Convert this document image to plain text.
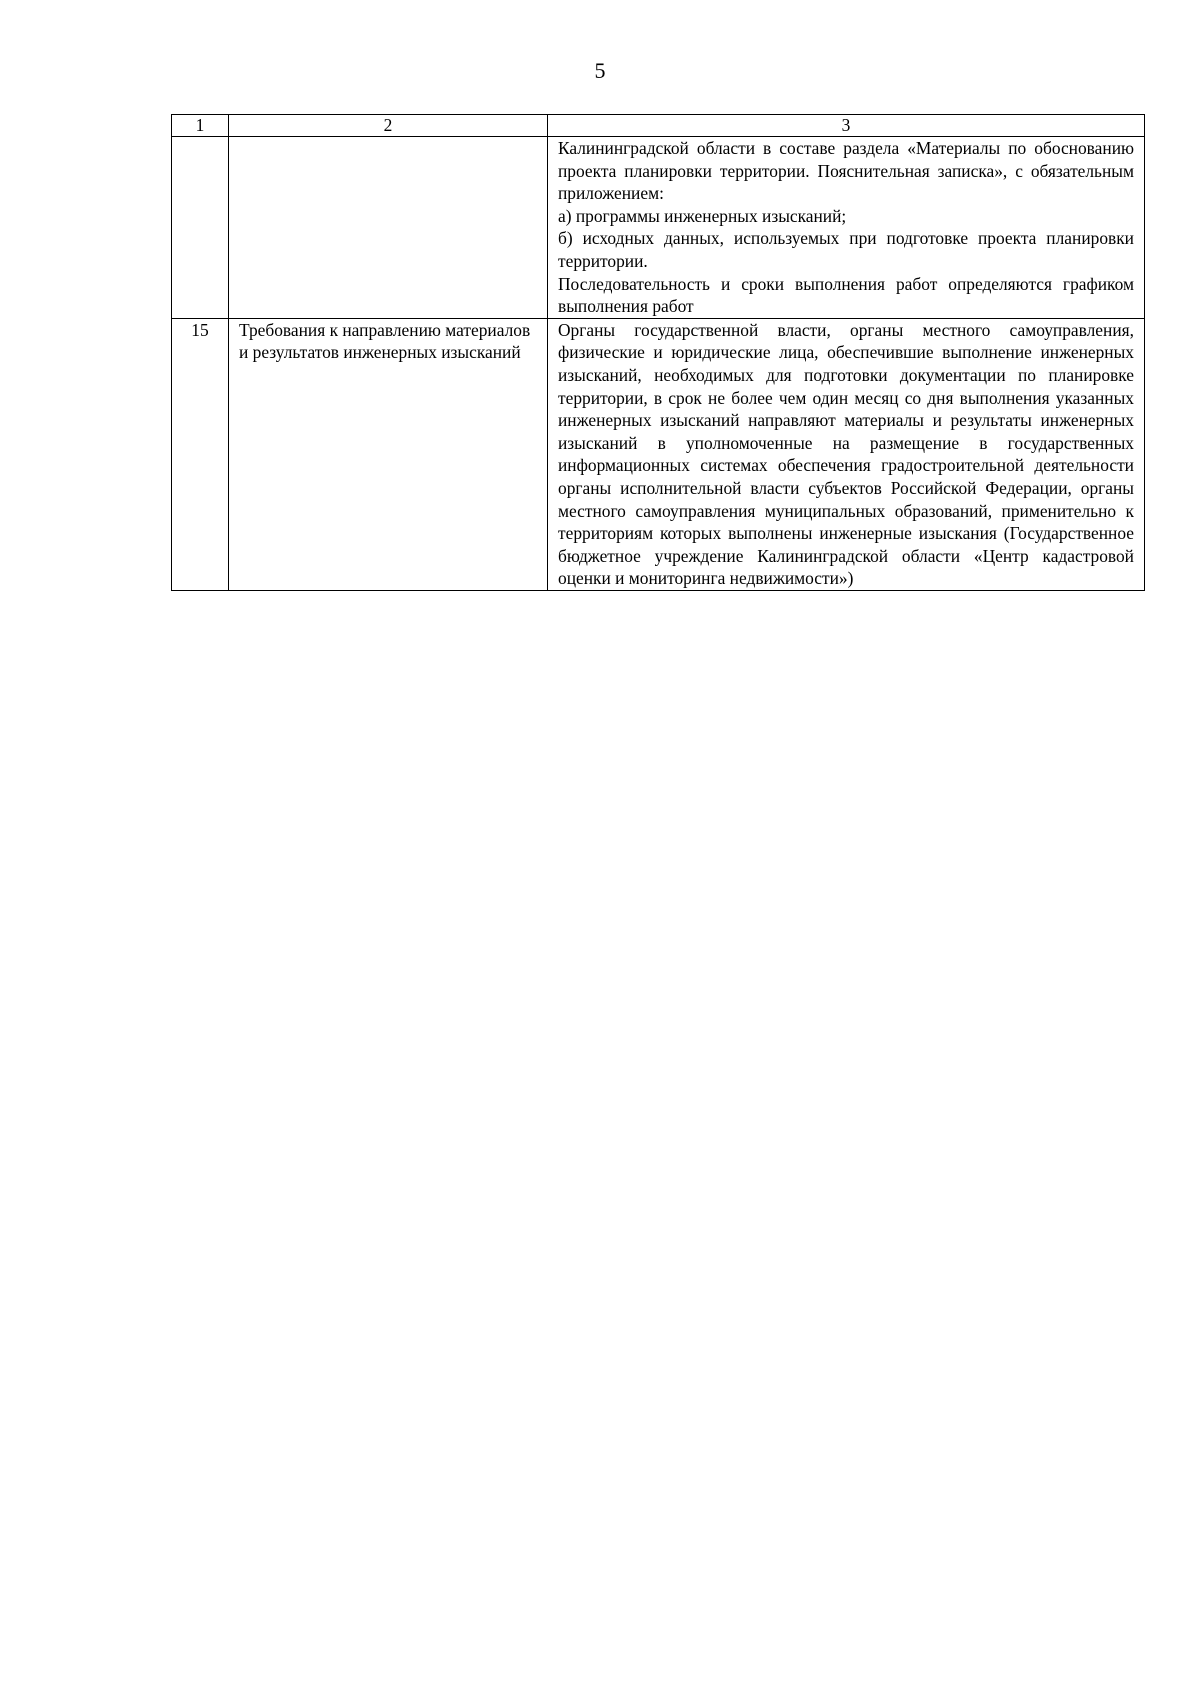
5
1	2	3

		Калининградской области в составе раздела «Материалы по обоснованию проекта планировки территории. Пояснительная записка», с обязательным приложением:
а) программы инженерных изысканий;
б) исходных данных, используемых при подготовке проекта планировки территории.
Последовательность и сроки выполнения работ определяются графиком выполнения работ

15	Требования к направлению материалов и результатов инженерных изысканий	Органы государственной власти, органы местного самоуправления, физические и юридические лица, обеспечившие выполнение инженерных изысканий, необходимых для подготовки документации по планировке территории, в срок не более чем один месяц со дня выполнения указанных инженерных изысканий направляют материалы и результаты инженерных изысканий в уполномоченные на размещение в государственных информационных системах обеспечения градостроительной деятельности органы исполнительной власти субъектов Российской Федерации, органы местного самоуправления муниципальных образований, применительно к территориям которых выполнены инженерные изыскания (Государственное бюджетное учреждение Калининградской области «Центр кадастровой оценки и мониторинга недвижимости»)
